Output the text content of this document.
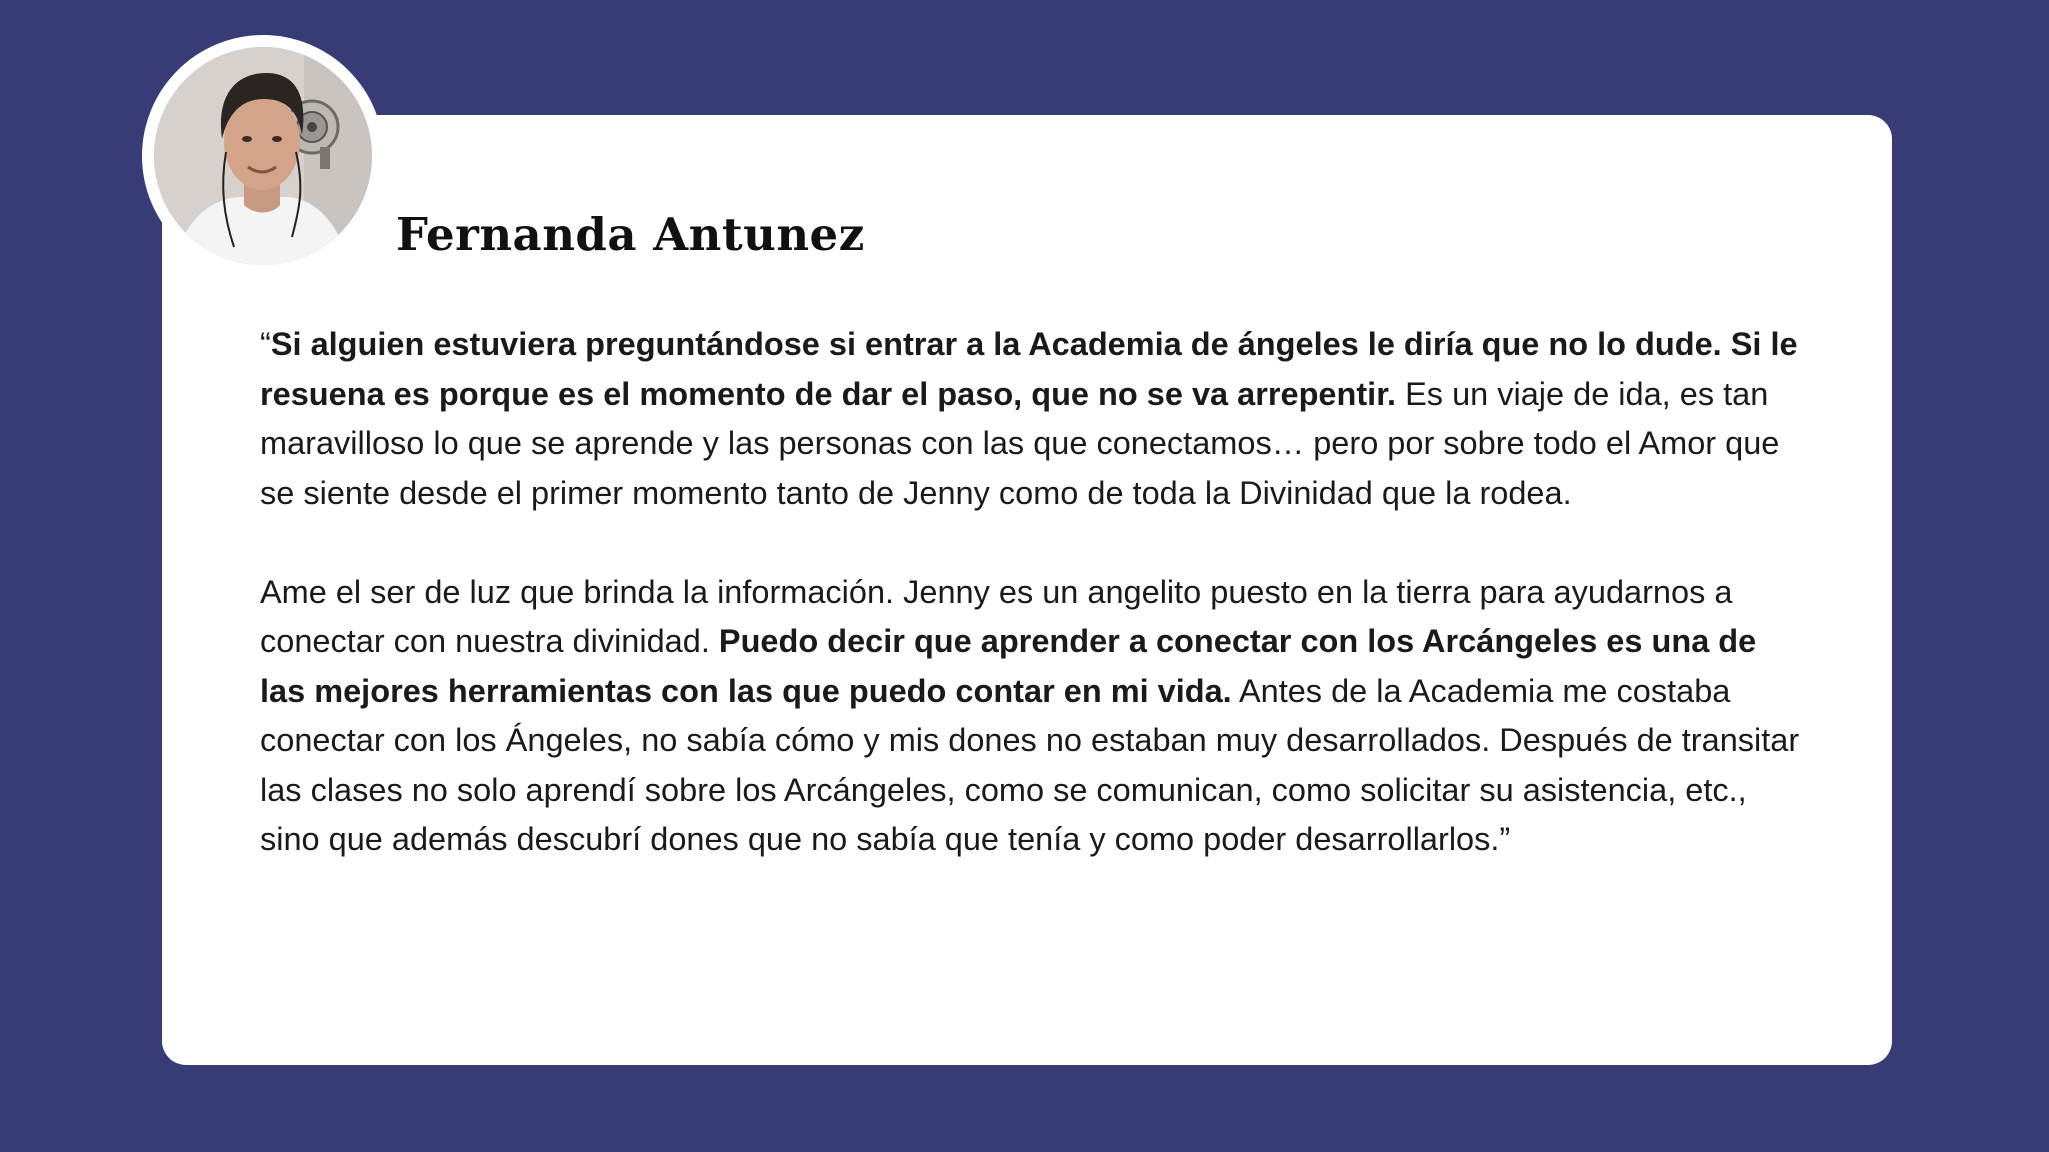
Fernanda Antunez

“Si alguien estuviera preguntándose si entrar a la Academia de ángeles le diría que no lo dude. Si le resuena es porque es el momento de dar el paso, que no se va arrepentir. Es un viaje de ida, es tan maravilloso lo que se aprende y las personas con las que conectamos… pero por sobre todo el Amor que se siente desde el primer momento tanto de Jenny como de toda la Divinidad que la rodea.

Ame el ser de luz que brinda la información. Jenny es un angelito puesto en la tierra para ayudarnos a conectar con nuestra divinidad. Puedo decir que aprender a conectar con los Arcángeles es una de las mejores herramientas con las que puedo contar en mi vida. Antes de la Academia me costaba conectar con los Ángeles, no sabía cómo y mis dones no estaban muy desarrollados. Después de transitar las clases no solo aprendí sobre los Arcángeles, como se comunican, como solicitar su asistencia, etc., sino que además descubrí dones que no sabía que tenía y como poder desarrollarlos.”
